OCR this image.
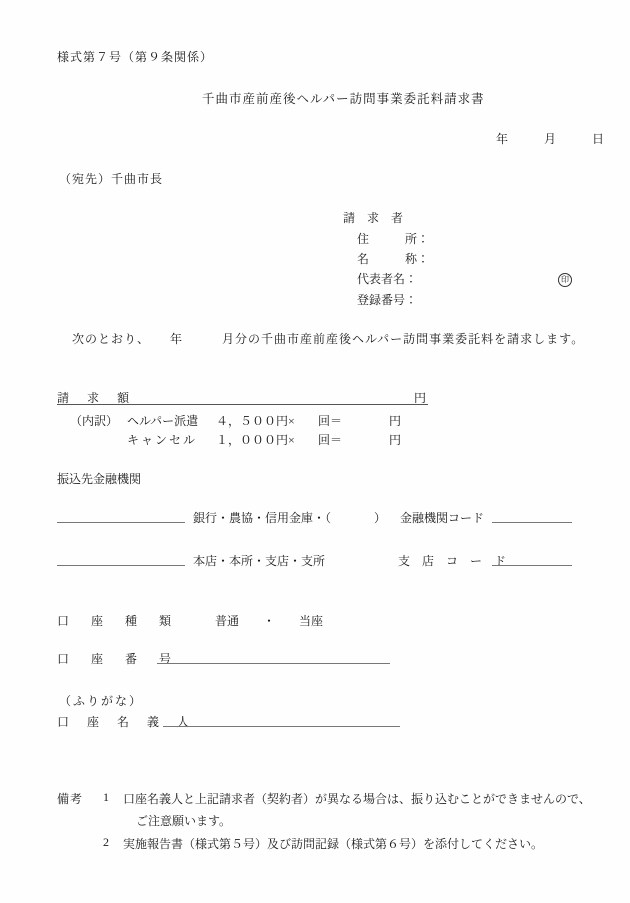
様式第７号（第９条関係）
千曲市産前産後ヘルパー訪問事業委託料請求書
年　　　月　　　日
（宛先）千曲市長
請　求　者
住　　　所：
名　　　称：
代表者名：	印
登録番号：
次のとおり、　　年　　　月分の千曲市産前産後ヘルパー訪問事業委託料を請求します。
請　求　額	円
（内訳） ヘルパー派遣 ４，５００円× 回＝	円
キャンセル １，０００円× 回＝	円
振込先金融機関
銀行・農協・信用金庫・（	） 金融機関コード
本店・本所・支店・支所	支　店　コ　ー　ド
口　座　種　類	普通　　・　　当座
口　座　番　号
（ふりがな）
口　座　名　義　人
備考 1 口座名義人と上記請求者（契約者）が異なる場合は、振り込むことができませんので、
ご注意願います。
2 実施報告書（様式第５号）及び訪問記録（様式第６号）を添付してください。
